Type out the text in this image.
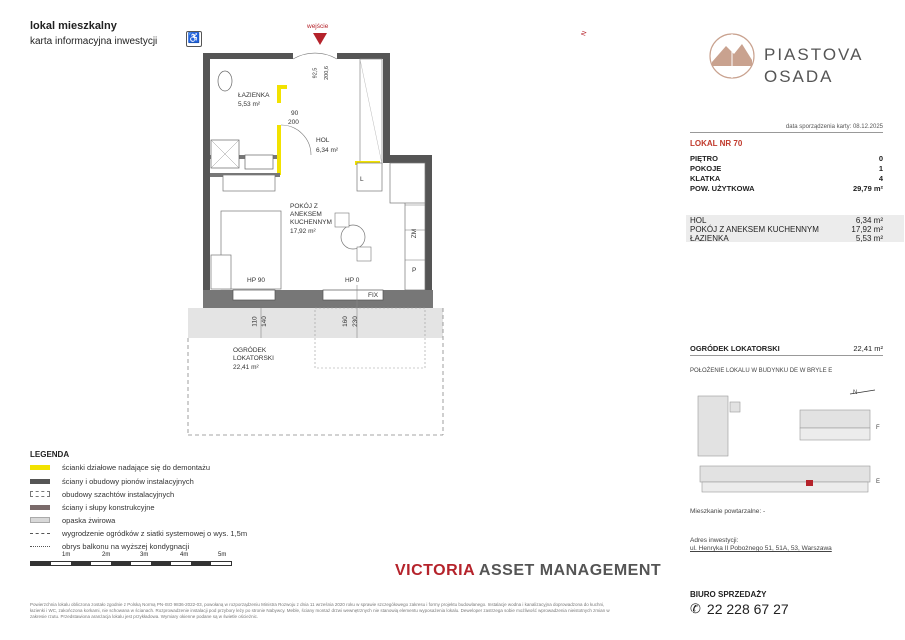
lokal mieszkalny
karta informacyjna inwestycji	♿
wejście
92,5 200,6
N
ŁAZIENKA
5,53 m²
90
200
HOL
6,34 m²
POKÓJ Z
ANEKSEM
KUCHENNYM
17,92 m²	ZM
P
L
HP 90	HP 0
FIX
110 140	160 230
OGRÓDEK
LOKATORSKI
22,41 m²
PIASTOVA
OSADA
data sporządzenia karty: 08.12.2025
LOKAL NR 70
PIĘTRO	0
POKOJE	1
KLATKA	4
POW. UŻYTKOWA	29,79 m²
HOL	6,34 m²
POKÓJ Z ANEKSEM KUCHENNYM	17,92 m²
ŁAZIENKA	5,53 m²
OGRÓDEK LOKATORSKI	22,41 m²
POŁOŻENIE LOKALU W BUDYNKU DE W BRYLE E
N
F
E
Mieszkanie powtarzalne: -
Adres inwestycji:
ul. Henryka II Pobożnego 51, 51A, 53, Warszawa
LEGENDA
ścianki działowe nadające się do demontażu
ściany i obudowy pionów instalacyjnych
obudowy szachtów instalacyjnych
ściany i słupy konstrukcyjne
opaska żwirowa
wygrodzenie ogródków z siatki systemowej o wys. 1,5m
obrys balkonu na wyższej kondygnacji
1m	2m	3m	4m	5m
VICTORIA ASSET MANAGEMENT
Powierzchnia lokalu obliczona zostało zgodnie z Polską Normą PN-ISO 9836-2022-03, powołaną w rozporządzeniu Ministra Rozwoju z dnia 11 września 2020 roku w sprawie szczegółowego zakresu i formy projektu budowlanego. Instalacje wodna i kanalizacyjna doprowadzona do kuchni, łazienki i WC, zakończona korkami, nie schowana w ścianach. Rozprowadzenie instalacji pod przybory leży po stronie Nabywcy. Meble, ściany montaż drzwi wewnętrznych nie stanowią elementu wyposażenia lokalu. Deweloper zastrzega sobie możliwość wprowadzenia nieistotnych zmian w zakresie rzutu. Przedstawiona aranżacja lokalu jest przykładowa. Wymiary okienne podane są w świetle ościeżnic.
BIURO SPRZEDAŻY
✆ 22 228 67 27
